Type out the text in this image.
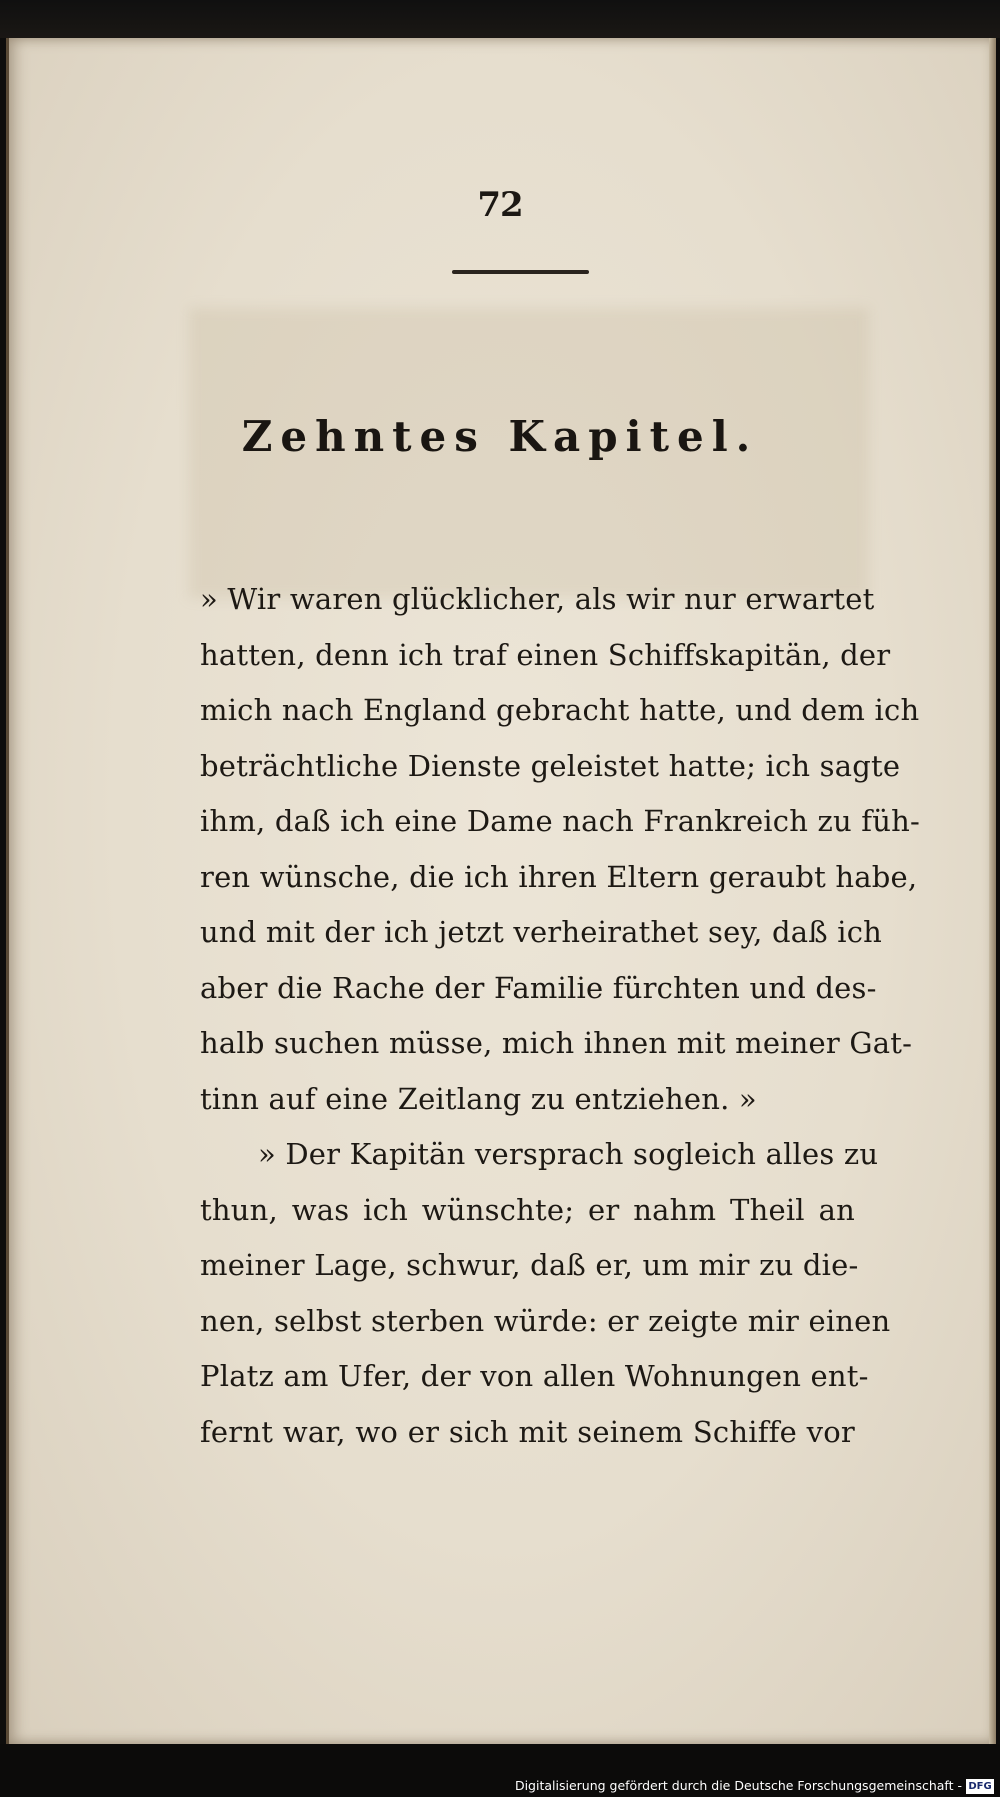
72
Zehntes Kapitel.
» Wir waren glücklicher, als wir nur erwartet
hatten, denn ich traf einen Schiffskapitän, der
mich nach England gebracht hatte, und dem ich
beträchtliche Dienste geleistet hatte; ich sagte
ihm, daß ich eine Dame nach Frankreich zu füh-
ren wünsche, die ich ihren Eltern geraubt habe,
und mit der ich jetzt verheirathet sey, daß ich
aber die Rache der Familie fürchten und des-
halb suchen müsse, mich ihnen mit meiner Gat-
tinn auf eine Zeitlang zu entziehen. »
» Der Kapitän versprach sogleich alles zu
thun, was ich wünschte; er nahm Theil an
meiner Lage, schwur, daß er, um mir zu die-
nen, selbst sterben würde: er zeigte mir einen
Platz am Ufer, der von allen Wohnungen ent-
fernt war, wo er sich mit seinem Schiffe vor
Digitalisierung gefördert durch die Deutsche Forschungsgemeinschaft - DFG
